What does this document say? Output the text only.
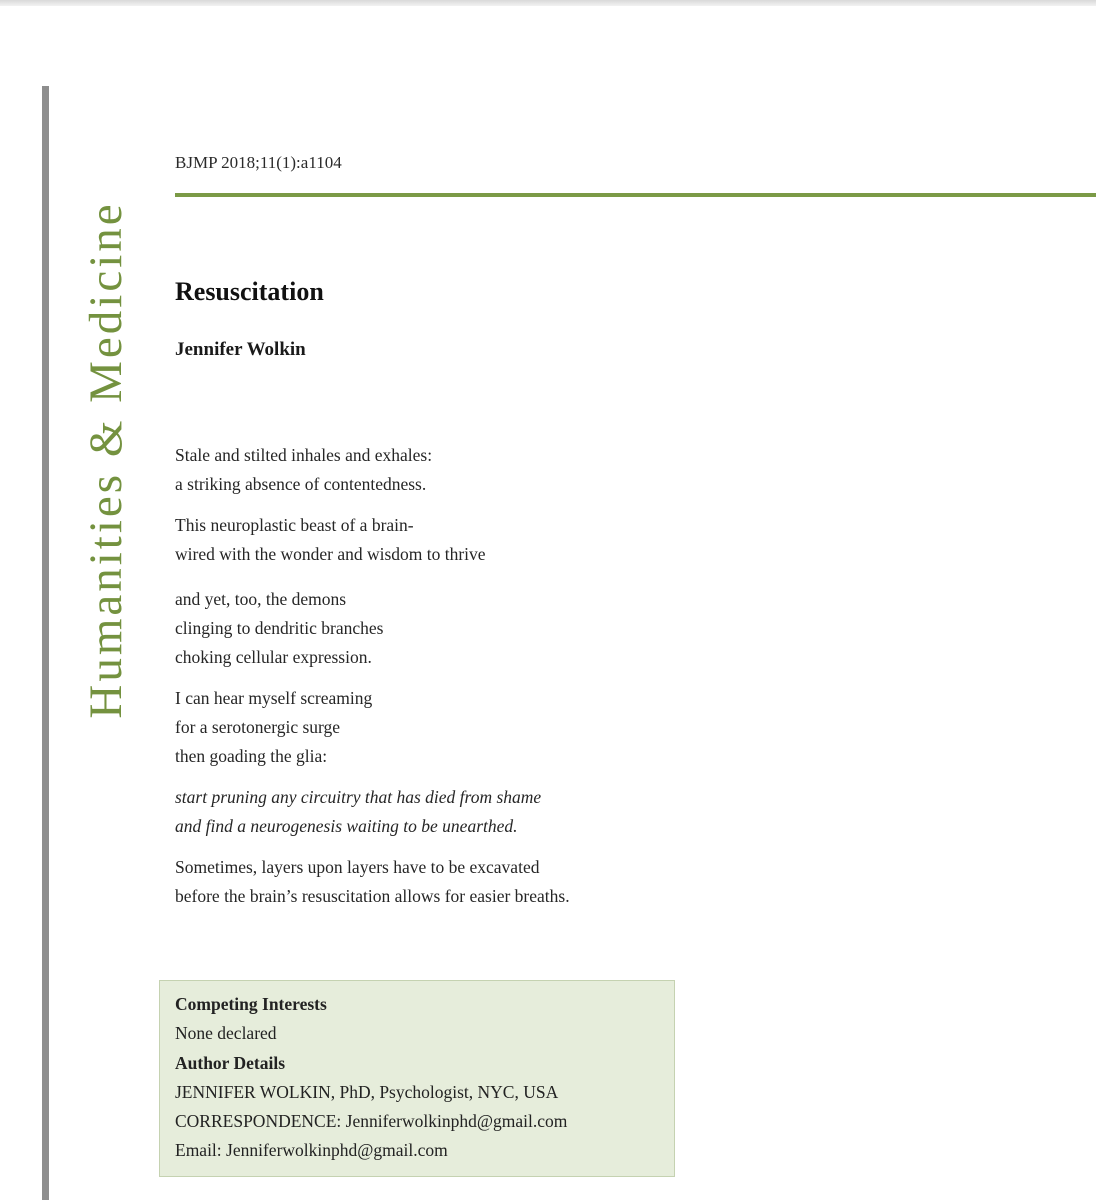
Humanities & Medicine
BJMP 2018;11(1):a1104
Resuscitation
Jennifer Wolkin
Stale and stilted inhales and exhales:
a striking absence of contentedness.
This neuroplastic beast of a brain-
wired with the wonder and wisdom to thrive
and yet, too, the demons
clinging to dendritic branches
choking cellular expression.
I can hear myself screaming
for a serotonergic surge
then goading the glia:
start pruning any circuitry that has died from shame
and find a neurogenesis waiting to be unearthed.
Sometimes, layers upon layers have to be excavated
before the brain’s resuscitation allows for easier breaths.
Competing Interests
None declared
Author Details
JENNIFER WOLKIN, PhD, Psychologist, NYC, USA
CORRESPONDENCE: Jenniferwolkinphd@gmail.com
Email: Jenniferwolkinphd@gmail.com
